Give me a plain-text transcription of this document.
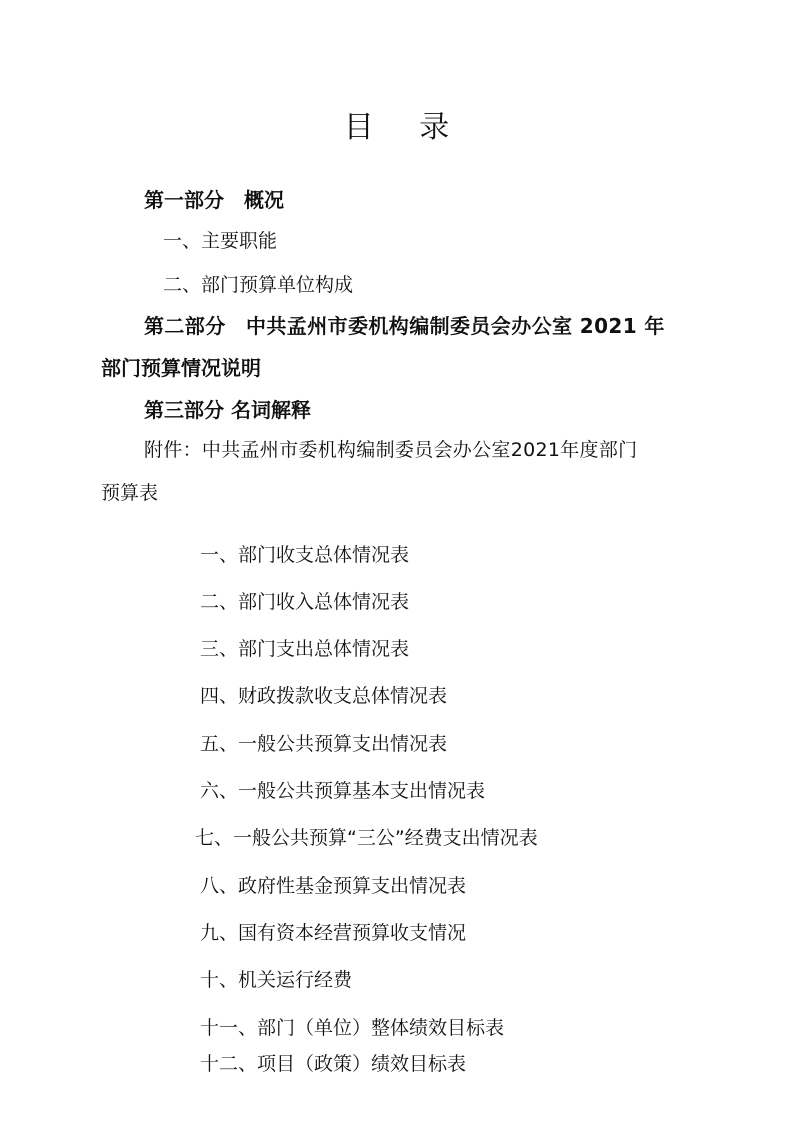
目 录
第一部分　概况
一、主要职能
二、部门预算单位构成
第二部分　中共孟州市委机构编制委员会办公室 2021 年
部门预算情况说明
第三部分 名词解释
附件：中共孟州市委机构编制委员会办公室2021年度部门
预算表
一、部门收支总体情况表
二、部门收入总体情况表
三、部门支出总体情况表
四、财政拨款收支总体情况表
五、一般公共预算支出情况表
六、一般公共预算基本支出情况表
七、一般公共预算“三公”经费支出情况表
八、政府性基金预算支出情况表
九、国有资本经营预算收支情况
十、机关运行经费
十一、部门（单位）整体绩效目标表
十二、项目（政策）绩效目标表
